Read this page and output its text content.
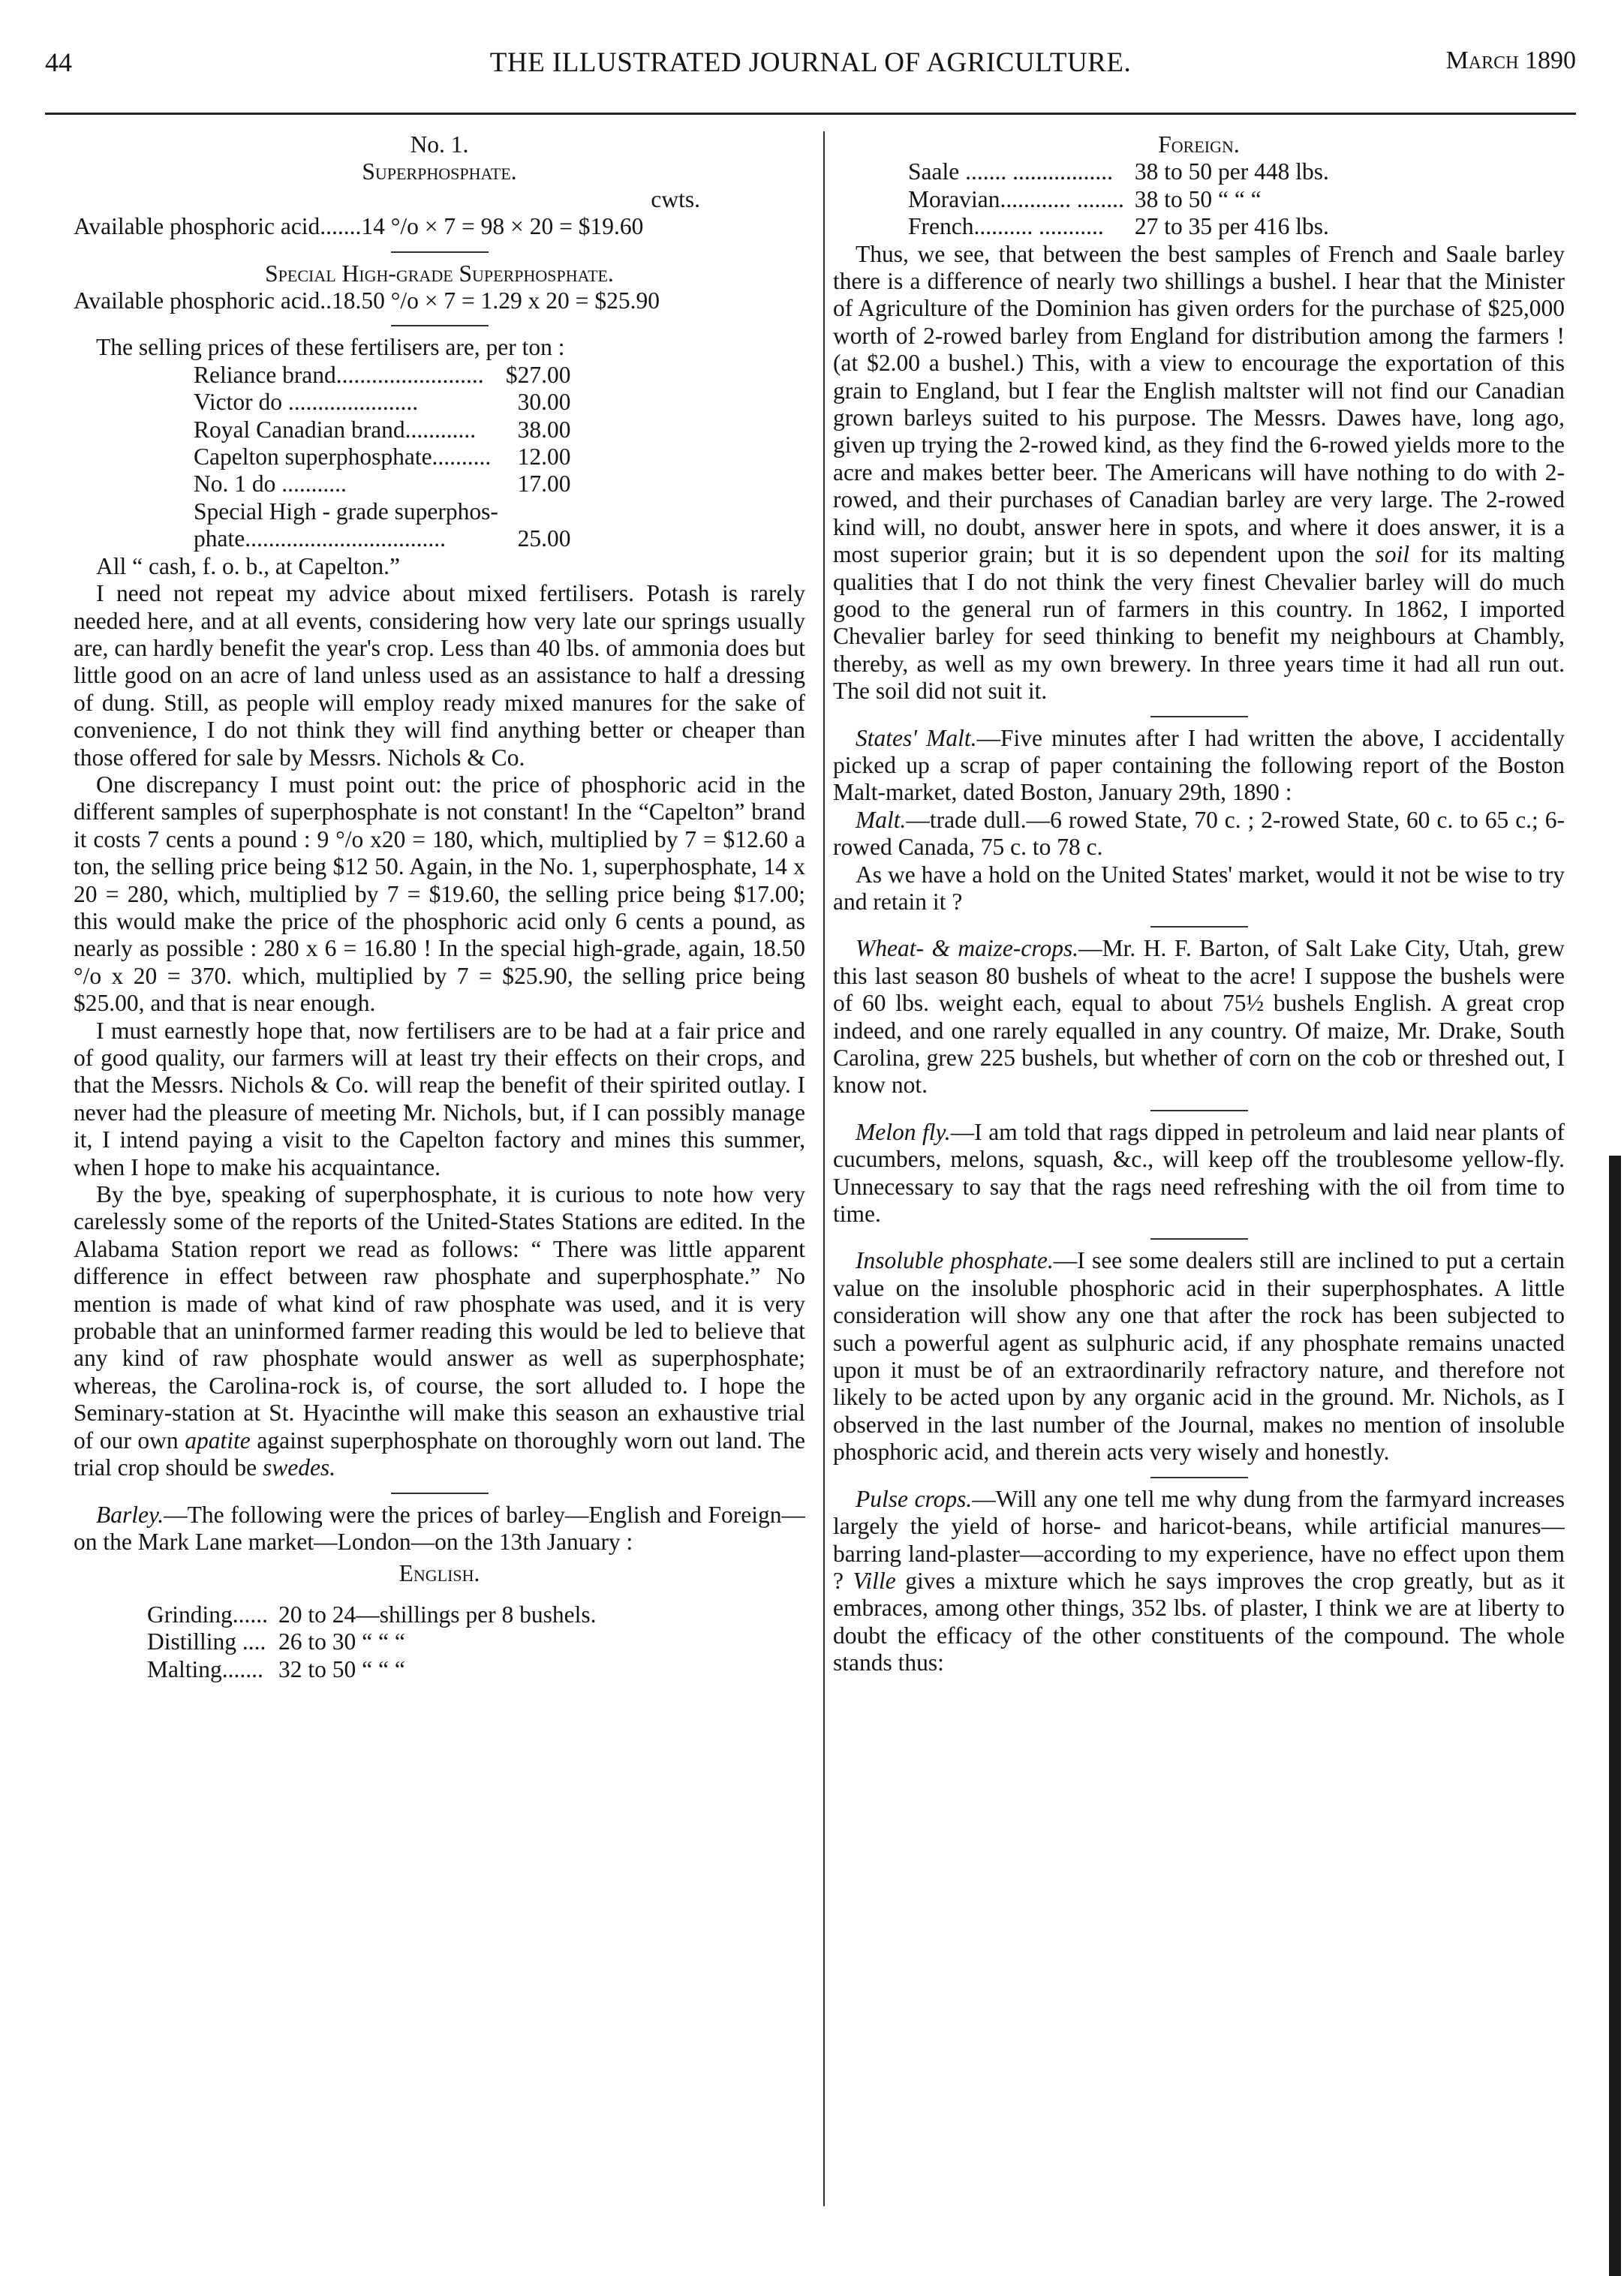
44	THE ILLUSTRATED JOURNAL OF AGRICULTURE.	March 1890

No. 1.

Superphosphate.

cwts.

Available phosphoric acid.......14 °/o × 7 = 98 × 20 = $19.60

Special High-grade Superphosphate.

Available phosphoric acid..18.50 °/o × 7 = 1.29 x 20 = $25.90

The selling prices of these fertilisers are, per ton :

Reliance brand.........................	$27.00
Victor do ......................	30.00
Royal Canadian brand............	38.00
Capelton superphosphate..........	12.00
No. 1 do ...........	17.00
Special High - grade superphos-	
phate..................................	25.00

All “ cash, f. o. b., at Capelton.”

I need not repeat my advice about mixed fertilisers. Potash is rarely needed here, and at all events, considering how very late our springs usually are, can hardly benefit the year's crop. Less than 40 lbs. of ammonia does but little good on an acre of land unless used as an assistance to half a dressing of dung. Still, as people will employ ready mixed manures for the sake of convenience, I do not think they will find anything better or cheaper than those offered for sale by Messrs. Nichols & Co.

One discrepancy I must point out: the price of phosphoric acid in the different samples of superphosphate is not constant! In the “Capelton” brand it costs 7 cents a pound : 9 °/o x20 = 180, which, multiplied by 7 = $12.60 a ton, the selling price being $12 50. Again, in the No. 1, superphosphate, 14 x 20 = 280, which, multiplied by 7 = $19.60, the selling price being $17.00; this would make the price of the phosphoric acid only 6 cents a pound, as nearly as possible : 280 x 6 = 16.80 ! In the special high-grade, again, 18.50 °/o x 20 = 370. which, multiplied by 7 = $25.90, the selling price being $25.00, and that is near enough.

I must earnestly hope that, now fertilisers are to be had at a fair price and of good quality, our farmers will at least try their effects on their crops, and that the Messrs. Nichols & Co. will reap the benefit of their spirited outlay. I never had the pleasure of meeting Mr. Nichols, but, if I can possibly manage it, I intend paying a visit to the Capelton factory and mines this summer, when I hope to make his acquaintance.

By the bye, speaking of superphosphate, it is curious to note how very carelessly some of the reports of the United-States Stations are edited. In the Alabama Station report we read as follows: “ There was little apparent difference in effect between raw phosphate and superphosphate.” No mention is made of what kind of raw phosphate was used, and it is very probable that an uninformed farmer reading this would be led to believe that any kind of raw phosphate would answer as well as superphosphate; whereas, the Carolina-rock is, of course, the sort alluded to. I hope the Seminary-station at St. Hyacinthe will make this season an exhaustive trial of our own apatite against superphosphate on thoroughly worn out land. The trial crop should be swedes.

Barley.—The following were the prices of barley—English and Foreign—on the Mark Lane market—London—on the 13th January :

English.

Grinding......	20 to 24—shillings per 8 bushels.
Distilling ....	26 to 30 “ “ “
Malting.......	32 to 50 “ “ “

Foreign.

Saale ....... .................	38 to 50 per 448 lbs.
Moravian............ ........	38 to 50 “ “ “
French.......... ...........	27 to 35 per 416 lbs.

Thus, we see, that between the best samples of French and Saale barley there is a difference of nearly two shillings a bushel. I hear that the Minister of Agriculture of the Dominion has given orders for the purchase of $25,000 worth of 2-rowed barley from England for distribution among the farmers ! (at $2.00 a bushel.) This, with a view to encourage the exportation of this grain to England, but I fear the English maltster will not find our Canadian grown barleys suited to his purpose. The Messrs. Dawes have, long ago, given up trying the 2-rowed kind, as they find the 6-rowed yields more to the acre and makes better beer. The Americans will have nothing to do with 2-rowed, and their purchases of Canadian barley are very large. The 2-rowed kind will, no doubt, answer here in spots, and where it does answer, it is a most superior grain; but it is so dependent upon the soil for its malting qualities that I do not think the very finest Chevalier barley will do much good to the general run of farmers in this country. In 1862, I imported Chevalier barley for seed thinking to benefit my neighbours at Chambly, thereby, as well as my own brewery. In three years time it had all run out. The soil did not suit it.

States' Malt.—Five minutes after I had written the above, I accidentally picked up a scrap of paper containing the following report of the Boston Malt-market, dated Boston, January 29th, 1890 :

Malt.—trade dull.—6 rowed State, 70 c. ; 2-rowed State, 60 c. to 65 c.; 6-rowed Canada, 75 c. to 78 c.

As we have a hold on the United States' market, would it not be wise to try and retain it ?

Wheat- & maize-crops.—Mr. H. F. Barton, of Salt Lake City, Utah, grew this last season 80 bushels of wheat to the acre! I suppose the bushels were of 60 lbs. weight each, equal to about 75½ bushels English. A great crop indeed, and one rarely equalled in any country. Of maize, Mr. Drake, South Carolina, grew 225 bushels, but whether of corn on the cob or threshed out, I know not.

Melon fly.—I am told that rags dipped in petroleum and laid near plants of cucumbers, melons, squash, &c., will keep off the troublesome yellow-fly. Unnecessary to say that the rags need refreshing with the oil from time to time.

Insoluble phosphate.—I see some dealers still are inclined to put a certain value on the insoluble phosphoric acid in their superphosphates. A little consideration will show any one that after the rock has been subjected to such a powerful agent as sulphuric acid, if any phosphate remains unacted upon it must be of an extraordinarily refractory nature, and therefore not likely to be acted upon by any organic acid in the ground. Mr. Nichols, as I observed in the last number of the Journal, makes no mention of insoluble phosphoric acid, and therein acts very wisely and honestly.

Pulse crops.—Will any one tell me why dung from the farmyard increases largely the yield of horse- and haricot-beans, while artificial manures—barring land-plaster—according to my experience, have no effect upon them ? Ville gives a mixture which he says improves the crop greatly, but as it embraces, among other things, 352 lbs. of plaster, I think we are at liberty to doubt the efficacy of the other constituents of the compound. The whole stands thus:
